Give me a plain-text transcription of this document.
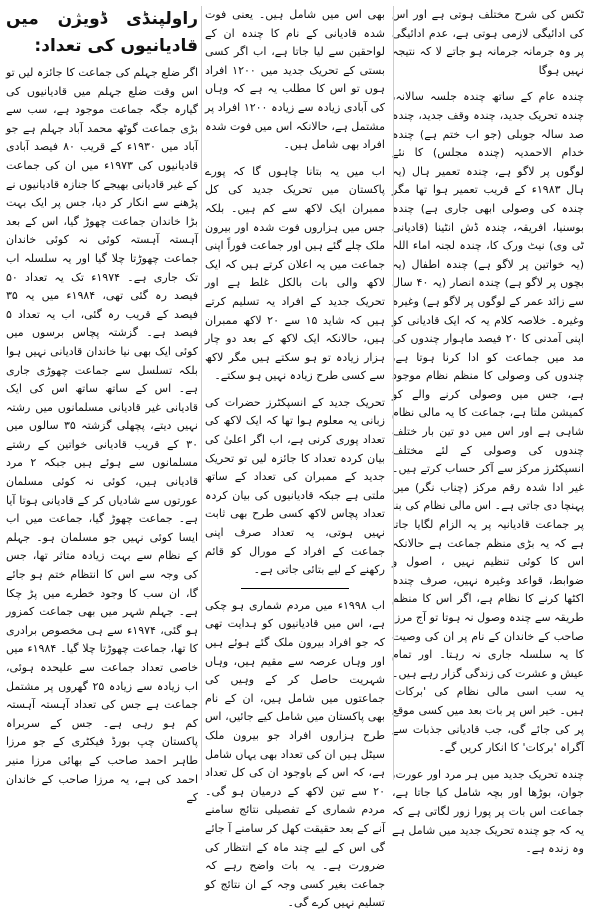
ٹکس کی شرح مختلف ہوتی ہے اور اس کی ادائیگی لازمی ہوتی ہے، عدم ادائیگی پر وہ جرمانہ جرمانہ ہو جاتے لا کہ نتیجہ نہیں ہوگا

چندہ عام کے ساتھ چندہ جلسہ سالانہ، چندہ تحریک جدید، چندہ وقف جدید، چندہ صد سالہ جوبلی (جو اب ختم ہے) چندہ خدام الاحمدیہ (چندہ مجلس) کا نئے لوگوں پر لاگو ہے، چندہ تعمیر ہال (یہ ہال ۱۹۸۳ء کے قریب تعمیر ہوا تھا مگر چندہ کی وصولی ابھی جاری ہے) چندہ بوسنیا، افریقہ، چندہ ڈش انٹینا (قادیانی ٹی وی) نیٹ ورک کا، چندہ لجنہ اماء اللہ (یہ خواتین پر لاگو ہے) چندہ اطفال (یہ بچوں پر لاگو ہے) چندہ انصار (یہ ۴۰ سال سے زائد عمر کے لوگوں پر لاگو ہے) وغیرہ وغیرہ۔ خلاصہ کلام یہ کہ ایک قادیانی کو اپنی آمدنی کا ۲۰ فیصد ماہوار چندوں کی مد میں جماعت کو ادا کرنا ہوتا ہے، چندوں کی وصولی کا منظم نظام موجود ہے، جس میں وصولی کرنے والے کو کمیشن ملتا ہے، جماعت کا یہ مالی نظام شاہی ہے اور اس میں دو تین بار ختلف چندوں کی وصولی کے لئے مختلف انسپکٹرز مرکز سے آکر حساب کرتے ہیں۔ غیر ادا شدہ رقم مرکز (چناب نگر) میں پہنچا دی جاتی ہے۔ اس مالی نظام کی بنا پر جماعت قادیانیہ پر یہ الزام لگایا جاتا ہے کہ یہ بڑی منظم جماعت ہے حالانکہ اس کا کوئی تنظیم نہیں ، اصول و ضوابط، قواعد وغیرہ نہیں، صرف چندہ اکٹھا کرنے کا نظام ہے، اگر اس کا منظم طریقہ سے چندہ وصول نہ ہوتا تو آج مرزا صاحب کے خاندان کے نام پر ان کی وصیت کا یہ سلسلہ جاری نہ رہتا۔ اور تمام عیش و عشرت کی زندگی گزار رہے ہیں۔ یہ سب اسی مالی نظام کی 'برکات' ہیں۔ خیر اس پر بات بعد میں کسی موقع پر کی جائے گی، جب قادیانی جذبات سے آگراہ 'برکات' کا انکار کریں گے۔

چندہ تحریک جدید میں ہر مرد اور عورت، جوان، بوڑھا اور بچہ شامل کیا جاتا ہے، جماعت اس بات پر پورا زور لگاتی ہے کہ یہ کہ جو چندہ تحریک جدید میں شامل ہے وہ زندہ ہے۔

بھی اس میں شامل ہیں۔ یعنی فوت شدہ قادیانی کے نام کا چندہ ان کے لواحقین سے لیا جاتا ہے، اب اگر کسی بستی کے تحریک جدید میں ۱۲۰۰ افراد ہوں تو اس کا مطلب یہ ہے کہ وہاں کی آبادی زیادہ سے زیادہ ۱۲۰۰ افراد پر مشتمل ہے، حالانکہ اس میں فوت شدہ افراد بھی شامل ہیں۔

اب میں یہ بتانا چاہوں گا کہ پورے پاکستان میں تحریک جدید کی کل ممبران ایک لاکھ سے کم ہیں۔ بلکہ جس میں ہزاروں فوت شدہ اور بیرون ملک چلے گئے ہیں اور جماعت فوراً اپنی جماعت میں یہ اعلان کرتے ہیں کہ ایک لاکھ والی بات بالکل غلط ہے اور تحریک جدید کے افراد یہ تسلیم کرتے ہیں کہ شاید ۱۵ سے ۲۰ لاکھ ممبران ہیں، حالانکہ ایک لاکھ کے بعد دو چار ہزار زیادہ تو ہو سکتے ہیں مگر لاکھ سے کسی طرح زیادہ نہیں ہو سکتے۔

تحریک جدید کے انسپکٹرز حضرات کی زبانی یہ معلوم ہوا تھا کہ ایک لاکھ کی تعداد پوری کرنی ہے، اب اگر اعلیٰ کی بیان کردہ تعداد کا جائزہ لیں تو تحریک جدید کے ممبران کی تعداد کے ساتھ ملتی ہے جبکہ قادیانیوں کی بیان کردہ تعداد پچاس لاکھ کسی طرح بھی ثابت نہیں ہوتی، یہ تعداد صرف اپنی جماعت کے افراد کے مورال کو قائم رکھنے کے لیے بتائی جاتی ہے۔

اب ۱۹۹۸ء میں مردم شماری ہو چکی ہے، اس میں قادیانیوں کو ہدایت تھی کہ جو افراد بیرون ملک گئے ہوئے ہیں اور وہاں عرصہ سے مقیم ہیں، وہاں شہریت حاصل کر کے وہیں کی جماعتوں میں شامل ہیں، ان کے نام بھی پاکستان میں شامل کیے جائیں، اس طرح ہزاروں افراد جو بیرون ملک سیٹل ہیں ان کی تعداد بھی یہاں شامل ہے، کہ اس کے باوجود ان کی کل تعداد ۲۰ سے تین لاکھ کے درمیان ہو گی۔ مردم شماری کے تفصیلی نتائج سامنے آنے کے بعد حقیقت کھل کر سامنے آ جائے گی اس کے لیے چند ماہ کے انتظار کی ضرورت ہے۔ یہ بات واضح رہے کہ جماعت بغیر کسی وجہ کے ان نتائج کو تسلیم نہیں کرے گی۔

راولپنڈی ڈویژن میں قادیانیوں کی تعداد:

اگر ضلع جہلم کی جماعت کا جائزہ لیں تو اس وقت ضلع جہلم میں قادیانیوں کی گیارہ جگہ جماعت موجود ہے، سب سے بڑی جماعت گوٹھ محمد آباد جہلم ہے جو آباد میں ۱۹۳۰ء کے قریب ۸۰ فیصد آبادی قادیانیوں کی ۱۹۷۳ء میں ان کی جماعت کے غیر قادیانی بھیجے کا جنازہ قادیانیوں نے پڑھنے سے انکار کر دیا، جس پر ایک بہت بڑا خاندان جماعت چھوڑ گیا، اس کے بعد آہستہ آہستہ کوئی نہ کوئی خاندان جماعت چھوڑتا چلا گیا اور یہ سلسلہ اب تک جاری ہے۔ ۱۹۷۴ء تک یہ تعداد ۵۰ فیصد رہ گئی تھی، ۱۹۸۴ء میں یہ ۳۵ فیصد کے قریب رہ گئی، اب یہ تعداد ۵ فیصد ہے۔ گزشتہ پچاس برسوں میں کوئی ایک بھی نیا خاندان قادیانی نہیں ہوا بلکہ تسلسل سے جماعت چھوڑی جاری ہے۔ اس کے ساتھ ساتھ اس کی ایک قادیانی غیر قادیانی مسلمانوں میں رشتہ نہیں دیتے، پچھلی گزشتہ ۳۵ سالوں میں ۳۰ کے قریب قادیانی خواتین کے رشتے مسلمانوں سے ہوئے ہیں جبکہ ۲ مرد قادیانی ہیں، کوئی نہ کوئی مسلمان عورتوں سے شادیاں کر کے قادیانی ہوتا آیا ہے۔ جماعت چھوڑ گیا، جماعت میں اب ایسا کوئی نہیں جو مسلمان ہو۔ جہلم کے نظام سے بہت زیادہ متاثر تھا، جس کی وجہ سے اس کا انتظام ختم ہو جائے گا، ان سب کا وجود خطرے میں پڑ چکا ہے۔ جہلم شہر میں بھی جماعت کمزور ہو گئی، ۱۹۷۴ء سے ہی مخصوص برادری کا تھا، جماعت چھوڑتا چلا گیا۔ ۱۹۸۴ء میں خاصی تعداد جماعت سے علیحدہ ہوئی، اب زیادہ سے زیادہ ۲۵ گھروں پر مشتمل جماعت ہے جس کی تعداد آہستہ آہستہ کم ہو رہی ہے۔ جس کے سربراہ پاکستان چپ بورڈ فیکٹری کے جو مرزا طاہر احمد صاحب کے بھائی مرزا منیر احمد کی ہے، یہ مرزا صاحب کے خاندان کے
